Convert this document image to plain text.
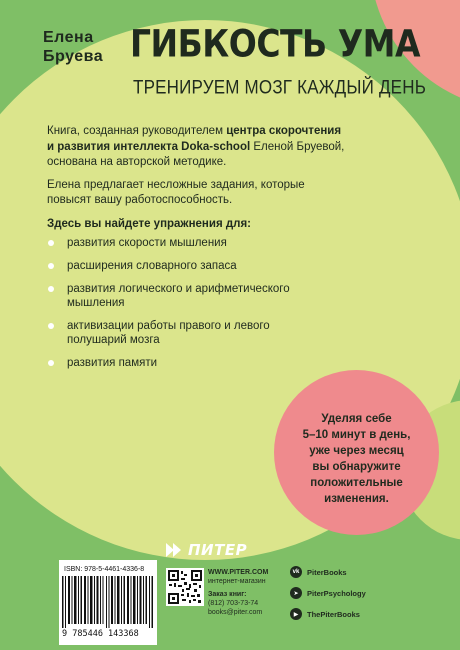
Елена
Бруева ГИБКОСТЬ УМА
ТРЕНИРУЕМ МОЗГ КАЖДЫЙ ДЕНЬ

Книга, созданная руководителем центра скорочтения и развития интеллекта Doka-school Еленой Бруевой, основана на авторской методике.

Елена предлагает несложные задания, которые повысят вашу работоспособность.

Здесь вы найдете упражнения для:
развития скорости мышления
расширения словарного запаса
развития логического и арифметического мышления
активизации работы правого и левого полушарий мозга
развития памяти
Уделяя себе
5–10 минут в день,
уже через месяц
вы обнаружите
положительные
изменения.
ISBN: 978-5-4461-4336-8
9 785446 143368
ПИТЕР
WWW.PITER.COM
интернет-магазин
Заказ книг:
(812) 703-73-74
books@piter.com
vk	PiterBooks
➤	PiterPsychology
▶	ThePiterBooks
